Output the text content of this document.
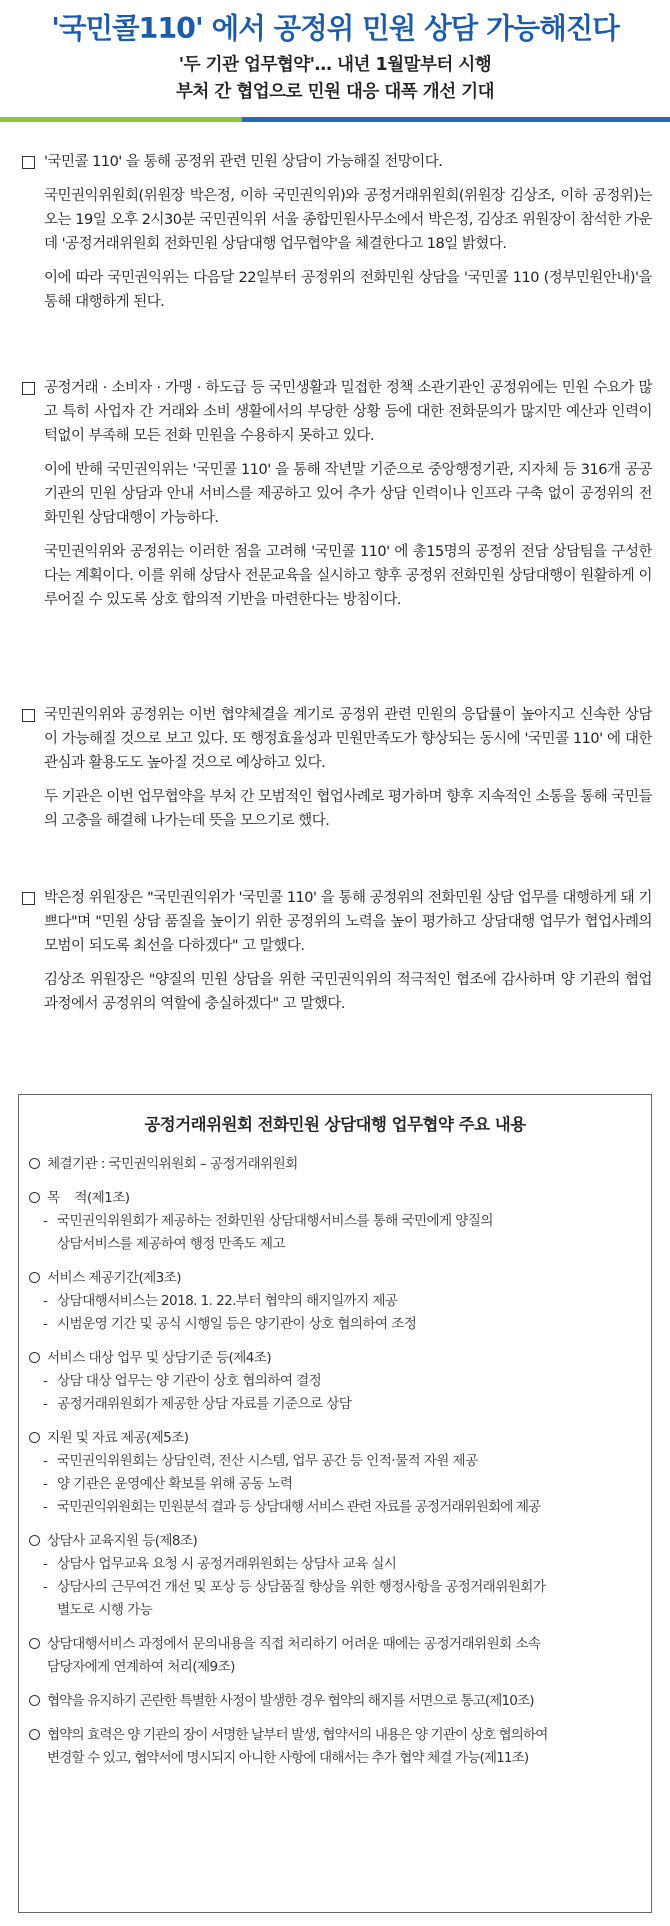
'국민콜110' 에서 공정위 민원 상담 가능해진다
'두 기관 업무협약'… 내년 1월말부터 시행
부처 간 협업으로 민원 대응 대폭 개선 기대
'국민콜 110' 을 통해 공정위 관련 민원 상담이 가능해질 전망이다.
국민권익위원회(위원장 박은정, 이하 국민권익위)와 공정거래위원회(위원장 김상조, 이하 공정위)는 오는 19일 오후 2시30분 국민권익위 서울 종합민원사무소에서 박은정, 김상조 위원장이 참석한 가운데 '공정거래위원회 전화민원 상담대행 업무협약'을 체결한다고 18일 밝혔다.
이에 따라 국민권익위는 다음달 22일부터 공정위의 전화민원 상담을 '국민콜 110 (정부민원안내)'을 통해 대행하게 된다.
공정거래 · 소비자 · 가맹 · 하도급 등 국민생활과 밀접한 정책 소관기관인 공정위에는 민원 수요가 많고 특히 사업자 간 거래와 소비 생활에서의 부당한 상황 등에 대한 전화문의가 많지만 예산과 인력이 턱없이 부족해 모든 전화 민원을 수용하지 못하고 있다.
이에 반해 국민권익위는 '국민콜 110' 을 통해 작년말 기준으로 중앙행정기관, 지자체 등 316개 공공기관의 민원 상담과 안내 서비스를 제공하고 있어 추가 상담 인력이나 인프라 구축 없이 공정위의 전화민원 상담대행이 가능하다.
국민권익위와 공정위는 이러한 점을 고려해 '국민콜 110' 에 총15명의 공정위 전담 상담팀을 구성한다는 계획이다. 이를 위해 상담사 전문교육을 실시하고 향후 공정위 전화민원 상담대행이 원활하게 이루어질 수 있도록 상호 합의적 기반을 마련한다는 방침이다.
국민권익위와 공정위는 이번 협약체결을 계기로 공정위 관련 민원의 응답률이 높아지고 신속한 상담이 가능해질 것으로 보고 있다. 또 행정효율성과 민원만족도가 향상되는 동시에 '국민콜 110' 에 대한 관심과 활용도도 높아질 것으로 예상하고 있다.
두 기관은 이번 업무협약을 부처 간 모범적인 협업사례로 평가하며 향후 지속적인 소통을 통해 국민들의 고충을 해결해 나가는데 뜻을 모으기로 했다.
박은정 위원장은 "국민권익위가 '국민콜 110' 을 통해 공정위의 전화민원 상담 업무를 대행하게 돼 기쁘다"며 "민원 상담 품질을 높이기 위한 공정위의 노력을 높이 평가하고 상담대행 업무가 협업사례의 모범이 되도록 최선을 다하겠다" 고 말했다.
김상조 위원장은 "양질의 민원 상담을 위한 국민권익위의 적극적인 협조에 감사하며 양 기관의 협업 과정에서 공정위의 역할에 충실하겠다" 고 말했다.
공정거래위원회 전화민원 상담대행 업무협약 주요 내용
체결기관 : 국민권익위원회 – 공정거래위원회
목    적(제1조)
- 국민권익위원회가 제공하는 전화민원 상담대행서비스를 통해 국민에게 양질의
상담서비스를 제공하여 행정 만족도 제고
서비스 제공기간(제3조)
- 상담대행서비스는 2018. 1. 22.부터 협약의 해지일까지 제공
- 시범운영 기간 및 공식 시행일 등은 양기관이 상호 협의하여 조정
서비스 대상 업무 및 상담기준 등(제4조)
- 상담 대상 업무는 양 기관이 상호 협의하여 결정
- 공정거래위원회가 제공한 상담 자료를 기준으로 상담
지원 및 자료 제공(제5조)
- 국민권익위원회는 상담인력, 전산 시스템, 업무 공간 등 인적·물적 자원 제공
- 양 기관은 운영예산 확보를 위해 공동 노력
- 국민권익위원회는 민원분석 결과 등 상담대행 서비스 관련 자료를 공정거래위원회에 제공
상담사 교육지원 등(제8조)
- 상담사 업무교육 요청 시 공정거래위원회는 상담사 교육 실시
- 상담사의 근무여건 개선 및 포상 등 상담품질 향상을 위한 행정사항을 공정거래위원회가
별도로 시행 가능
상담대행서비스 과정에서 문의내용을 직접 처리하기 어려운 때에는 공정거래위원회 소속
담당자에게 연계하여 처리(제9조)
협약을 유지하기 곤란한 특별한 사정이 발생한 경우 협약의 해지를 서면으로 통고(제10조)
협약의 효력은 양 기관의 장이 서명한 날부터 발생, 협약서의 내용은 양 기관이 상호 협의하여
변경할 수 있고, 협약서에 명시되지 아니한 사항에 대해서는 추가 협약 체결 가능(제11조)
